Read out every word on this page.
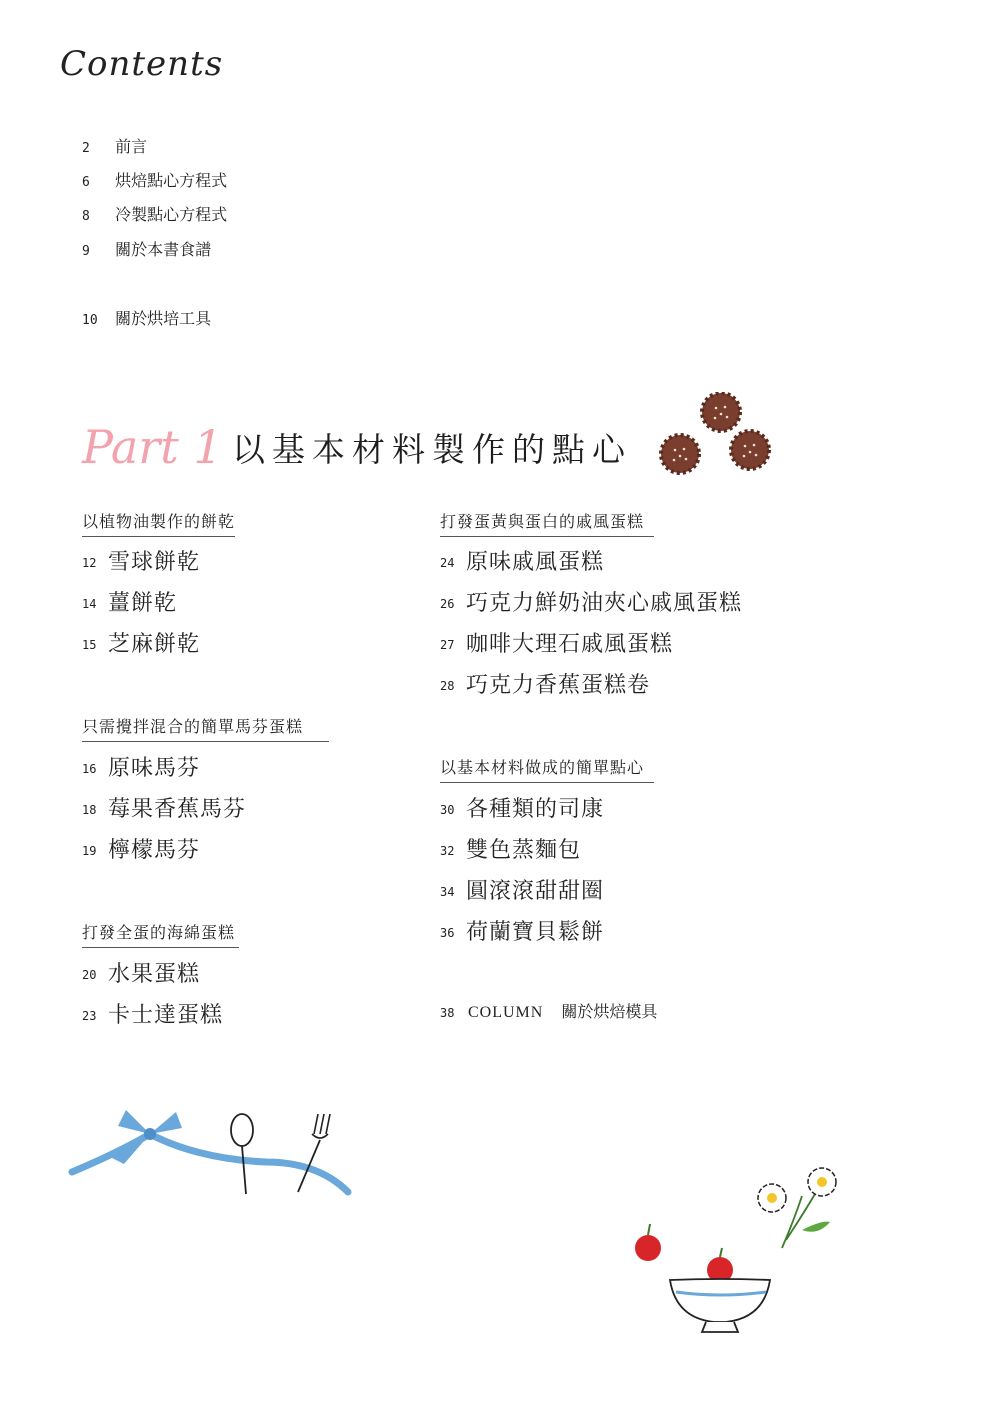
Contents
2 前言
6 烘焙點心方程式
8 冷製點心方程式
9 關於本書食譜
10 關於烘培工具
Part 1 以基本材料製作的點心
以植物油製作的餅乾
12 雪球餅乾
14 薑餅乾
15 芝麻餅乾
只需攪拌混合的簡單馬芬蛋糕
16 原味馬芬
18 莓果香蕉馬芬
19 檸檬馬芬
打發全蛋的海綿蛋糕
20 水果蛋糕
23 卡士達蛋糕
打發蛋黃與蛋白的戚風蛋糕
24 原味戚風蛋糕
26 巧克力鮮奶油夾心戚風蛋糕
27 咖啡大理石戚風蛋糕
28 巧克力香蕉蛋糕卷
以基本材料做成的簡單點心
30 各種類的司康
32 雙色蒸麵包
34 圓滾滾甜甜圈
36 荷蘭寶貝鬆餅
38 COLUMN 關於烘焙模具
